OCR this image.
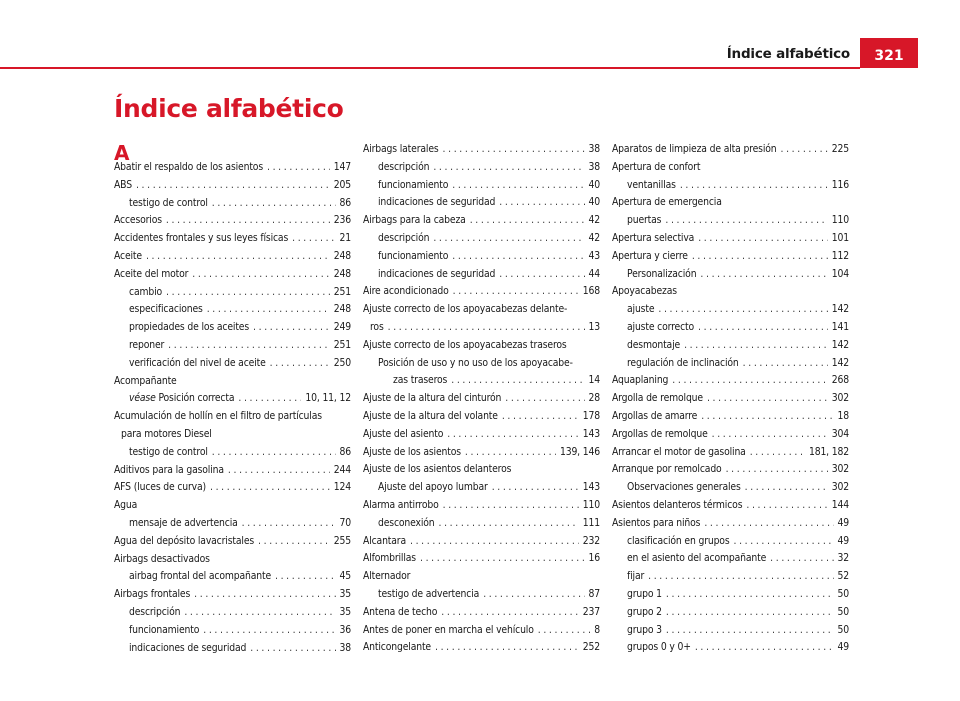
Índice alfabético	321
Índice alfabético
A
Abatir el respaldo de los asientos . . .	147
ABS . . .	205
testigo de control . . .	86
Accesorios . . .	236
Accidentes frontales y sus leyes físicas . . .	21
Aceite . . .	248
Aceite del motor . . .	248
cambio . . .	251
especificaciones . . .	248
propiedades de los aceites . . .	249
reponer . . .	251
verificación del nivel de aceite . . .	250
Acompañante
véase
Posición correcta . . .	10, 11, 12
Acumulación de hollín en el filtro de partículas
para motores Diesel
testigo de control . . .	86
Aditivos para la gasolina . . .	244
AFS (luces de curva) . . .	124
Agua
mensaje de advertencia . . .	70
Agua del depósito lavacristales . . .	255
Airbags desactivados
airbag frontal del acompañante . . .	45
Airbags frontales . . .	35
descripción . . .	35
funcionamiento . . .	36
indicaciones de seguridad . . .	38
Airbags laterales . . .	38
descripción . . .	38
funcionamiento . . .	40
indicaciones de seguridad . . .	40
Airbags para la cabeza . . .	42
descripción . . .	42
funcionamiento . . .	43
indicaciones de seguridad . . .	44
Aire acondicionado . . .	168
Ajuste correcto de los apoyacabezas delante-
ros . . .	13
Ajuste correcto de los apoyacabezas traseros
Posición de uso y no uso de los apoyacabe-
zas traseros . . .	14
Ajuste de la altura del cinturón . . .	28
Ajuste de la altura del volante . . .	178
Ajuste del asiento . . .	143
Ajuste de los asientos . . .	139, 146
Ajuste de los asientos delanteros
Ajuste del apoyo lumbar . . .	143
Alarma antirrobo . . .	110
desconexión . . .	111
Alcantara . . .	232
Alfombrillas . . .	16
Alternador
testigo de advertencia . . .	87
Antena de techo . . .	237
Antes de poner en marcha el vehículo . . .	8
Anticongelante . . .	252
Aparatos de limpieza de alta presión . . .	225
Apertura de confort
ventanillas . . .	116
Apertura de emergencia
puertas . . .	110
Apertura selectiva . . .	101
Apertura y cierre . . .	112
Personalización . . .	104
Apoyacabezas
ajuste . . .	142
ajuste correcto . . .	141
desmontaje . . .	142
regulación de inclinación . . .	142
Aquaplaning . . .	268
Argolla de remolque . . .	302
Argollas de amarre . . .	18
Argollas de remolque . . .	304
Arrancar el motor de gasolina . . .	181, 182
Arranque por remolcado . . .	302
Observaciones generales . . .	302
Asientos delanteros térmicos . . .	144
Asientos para niños . . .	49
clasificación en grupos . . .	49
en el asiento del acompañante . . .	32
fijar . . .	52
grupo 1 . . .	50
grupo 2 . . .	50
grupo 3 . . .	50
grupos 0 y 0+ . . .	49
